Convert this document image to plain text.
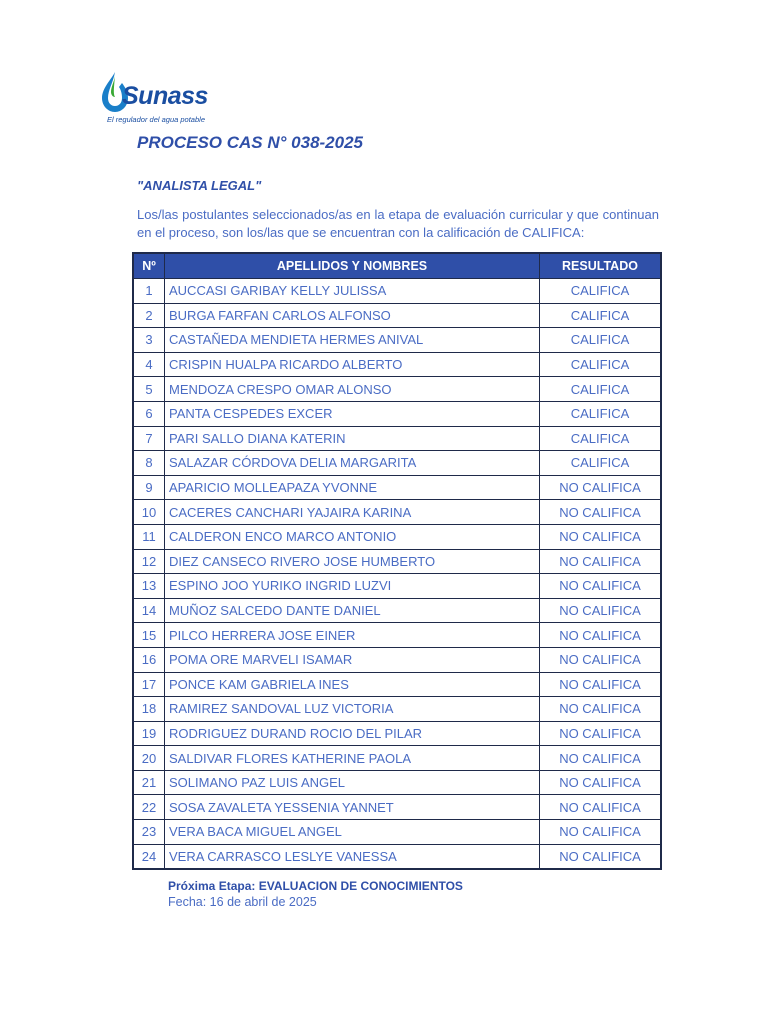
Sunass
El regulador del agua potable
PROCESO CAS N° 038-2025
"ANALISTA LEGAL"
Los/las postulantes seleccionados/as en la etapa de evaluación curricular y que continuan en el proceso, son los/las que se encuentran con la calificación de CALIFICA:
Nº	APELLIDOS Y NOMBRES	RESULTADO
1	AUCCASI GARIBAY KELLY JULISSA	CALIFICA
2	BURGA FARFAN CARLOS ALFONSO	CALIFICA
3	CASTAÑEDA MENDIETA HERMES ANIVAL	CALIFICA
4	CRISPIN HUALPA RICARDO ALBERTO	CALIFICA
5	MENDOZA CRESPO OMAR ALONSO	CALIFICA
6	PANTA CESPEDES EXCER	CALIFICA
7	PARI SALLO DIANA KATERIN	CALIFICA
8	SALAZAR CÓRDOVA DELIA MARGARITA	CALIFICA
9	APARICIO MOLLEAPAZA YVONNE	NO CALIFICA
10	CACERES CANCHARI YAJAIRA KARINA	NO CALIFICA
11	CALDERON ENCO MARCO ANTONIO	NO CALIFICA
12	DIEZ CANSECO RIVERO JOSE HUMBERTO	NO CALIFICA
13	ESPINO JOO YURIKO INGRID LUZVI	NO CALIFICA
14	MUÑOZ SALCEDO DANTE DANIEL	NO CALIFICA
15	PILCO HERRERA JOSE EINER	NO CALIFICA
16	POMA ORE MARVELI ISAMAR	NO CALIFICA
17	PONCE KAM GABRIELA INES	NO CALIFICA
18	RAMIREZ SANDOVAL LUZ VICTORIA	NO CALIFICA
19	RODRIGUEZ DURAND ROCIO DEL PILAR	NO CALIFICA
20	SALDIVAR FLORES KATHERINE PAOLA	NO CALIFICA
21	SOLIMANO PAZ LUIS ANGEL	NO CALIFICA
22	SOSA ZAVALETA YESSENIA YANNET	NO CALIFICA
23	VERA BACA MIGUEL ANGEL	NO CALIFICA
24	VERA CARRASCO LESLYE VANESSA	NO CALIFICA
Próxima Etapa: EVALUACION DE CONOCIMIENTOS
Fecha: 16 de abril de 2025
